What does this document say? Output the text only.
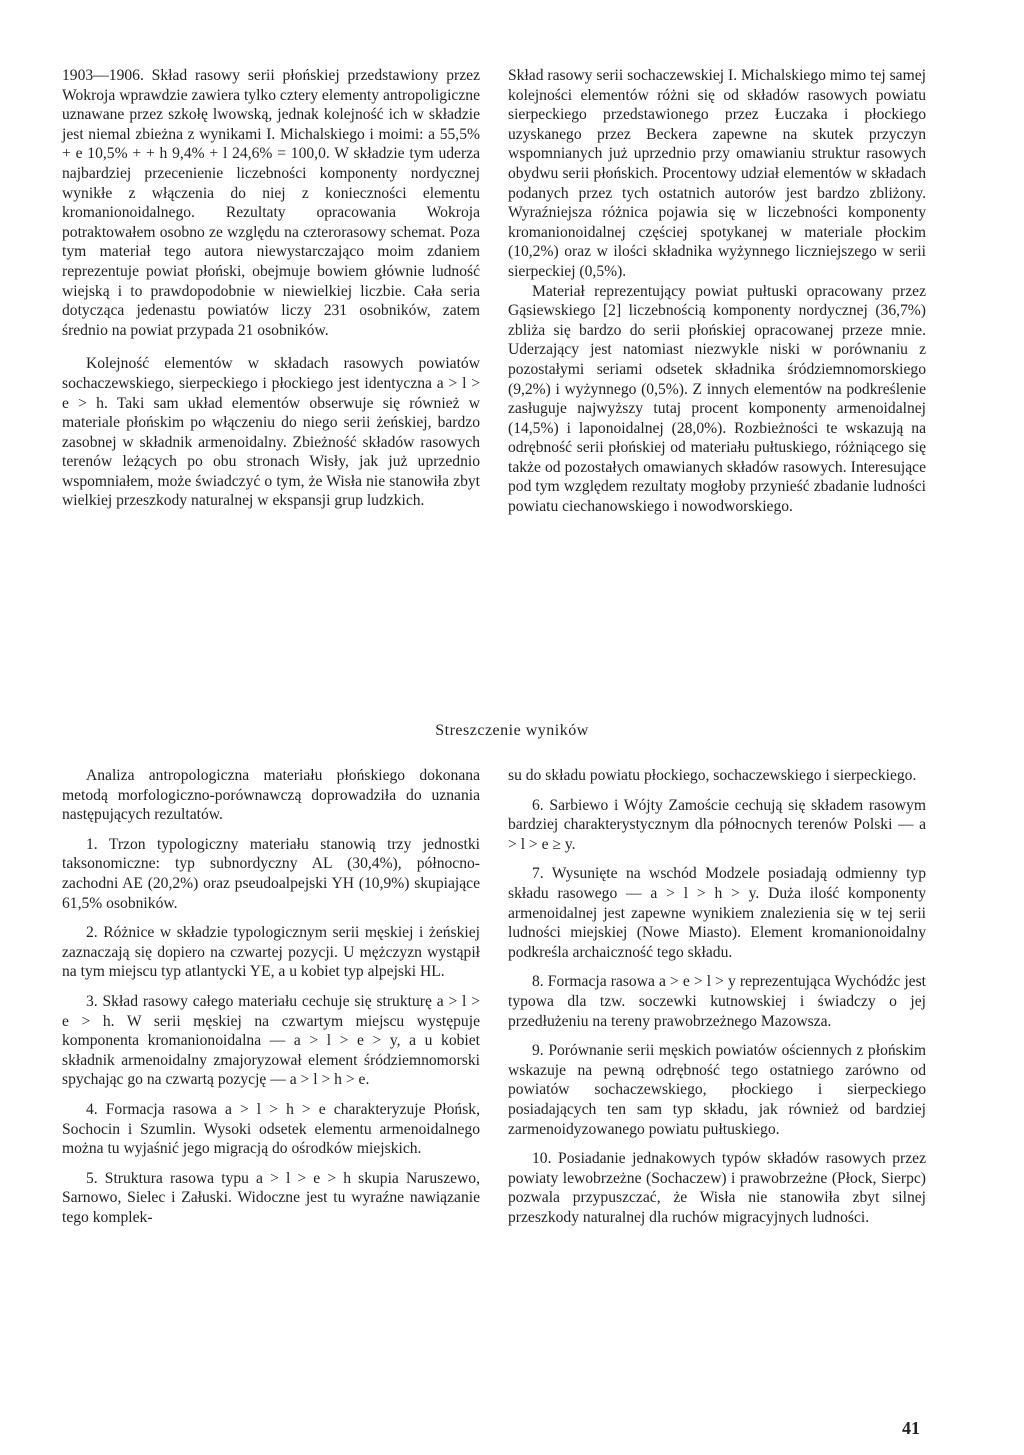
1903—1906. Skład rasowy serii płońskiej przedstawiony przez Wokroja wprawdzie zawiera tylko cztery elementy antropoligiczne uznawane przez szkołę lwowską, jednak kolejność ich w składzie jest niemal zbieżna z wynikami I. Michalskiego i moimi: a 55,5% + e 10,5% + + h 9,4% + l 24,6% = 100,0. W składzie tym uderza najbardziej przecenienie liczebności komponenty nordycznej wynikłe z włączenia do niej z konieczności elementu kromanionoidalnego. Rezultaty opracowania Wokroja potraktowałem osobno ze względu na czterorasowy schemat. Poza tym materiał tego autora niewystarczająco moim zdaniem reprezentuje powiat płoński, obejmuje bowiem głównie ludność wiejską i to prawdopodobnie w niewielkiej liczbie. Cała seria dotycząca jedenastu powiatów liczy 231 osobników, zatem średnio na powiat przypada 21 osobników.

Kolejność elementów w składach rasowych powiatów sochaczewskiego, sierpeckiego i płockiego jest identyczna a > l > e > h. Taki sam układ elementów obserwuje się również w materiale płońskim po włączeniu do niego serii żeńskiej, bardzo zasobnej w składnik armenoidalny. Zbieżność składów rasowych terenów leżących po obu stronach Wisły, jak już uprzednio wspomniałem, może świadczyć o tym, że Wisła nie stanowiła zbyt wielkiej przeszkody naturalnej w ekspansji grup ludzkich.

Skład rasowy serii sochaczewskiej I. Michalskiego mimo tej samej kolejności elementów różni się od składów rasowych powiatu sierpeckiego przedstawionego przez Łuczaka i płockiego uzyskanego przez Beckera zapewne na skutek przyczyn wspomnianych już uprzednio przy omawianiu struktur rasowych obydwu serii płońskich. Procentowy udział elementów w składach podanych przez tych ostatnich autorów jest bardzo zbliżony. Wyraźniejsza różnica pojawia się w liczebności komponenty kromanionoidalnej częściej spotykanej w materiale płockim (10,2%) oraz w ilości składnika wyżynnego liczniejszego w serii sierpeckiej (0,5%).

Materiał reprezentujący powiat pułtuski opracowany przez Gąsiewskiego [2] liczebnością komponenty nordycznej (36,7%) zbliża się bardzo do serii płońskiej opracowanej przeze mnie. Uderzający jest natomiast niezwykle niski w porównaniu z pozostałymi seriami odsetek składnika śródziemnomorskiego (9,2%) i wyżynnego (0,5%). Z innych elementów na podkreślenie zasługuje najwyższy tutaj procent komponenty armenoidalnej (14,5%) i laponoidalnej (28,0%). Rozbieżności te wskazują na odrębność serii płońskiej od materiału pułtuskiego, różniącego się także od pozostałych omawianych składów rasowych. Interesujące pod tym względem rezultaty mogłoby przynieść zbadanie ludności powiatu ciechanowskiego i nowodworskiego.

Streszczenie wyników

Analiza antropologiczna materiału płońskiego dokonana metodą morfologiczno-porównawczą doprowadziła do uznania następujących rezultatów.

1. Trzon typologiczny materiału stanowią trzy jednostki taksonomiczne: typ subnordyczny AL (30,4%), północno-zachodni AE (20,2%) oraz pseudoalpejski YH (10,9%) skupiające 61,5% osobników.

2. Różnice w składzie typologicznym serii męskiej i żeńskiej zaznaczają się dopiero na czwartej pozycji. U mężczyzn wystąpił na tym miejscu typ atlantycki YE, a u kobiet typ alpejski HL.

3. Skład rasowy całego materiału cechuje się strukturę a > l > e > h. W serii męskiej na czwartym miejscu występuje komponenta kromanionoidalna — a > l > e > y, a u kobiet składnik armenoidalny zmajoryzował element śródziemnomorski spychając go na czwartą pozycję — a > l > h > e.

4. Formacja rasowa a > l > h > e charakteryzuje Płońsk, Sochocin i Szumlin. Wysoki odsetek elementu armenoidalnego można tu wyjaśnić jego migracją do ośrodków miejskich.

5. Struktura rasowa typu a > l > e > h skupia Naruszewo, Sarnowo, Sielec i Załuski. Widoczne jest tu wyraźne nawiązanie tego komplek-

su do składu powiatu płockiego, sochaczewskiego i sierpeckiego.

6. Sarbiewo i Wójty Zamoście cechują się składem rasowym bardziej charakterystycznym dla północnych terenów Polski — a > l > e ≥ y.

7. Wysunięte na wschód Modzele posiadają odmienny typ składu rasowego — a > l > h > y. Duża ilość komponenty armenoidalnej jest zapewne wynikiem znalezienia się w tej serii ludności miejskiej (Nowe Miasto). Element kromanionoidalny podkreśla archaiczność tego składu.

8. Formacja rasowa a > e > l > y reprezentująca Wychódźc jest typowa dla tzw. soczewki kutnowskiej i świadczy o jej przedłużeniu na tereny prawobrzeżnego Mazowsza.

9. Porównanie serii męskich powiatów ościennych z płońskim wskazuje na pewną odrębność tego ostatniego zarówno od powiatów sochaczewskiego, płockiego i sierpeckiego posiadających ten sam typ składu, jak również od bardziej zarmenoidyzowanego powiatu pułtuskiego.

10. Posiadanie jednakowych typów składów rasowych przez powiaty lewobrzeżne (Sochaczew) i prawobrzeżne (Płock, Sierpc) pozwala przypuszczać, że Wisła nie stanowiła zbyt silnej przeszkody naturalnej dla ruchów migracyjnych ludności.

41
